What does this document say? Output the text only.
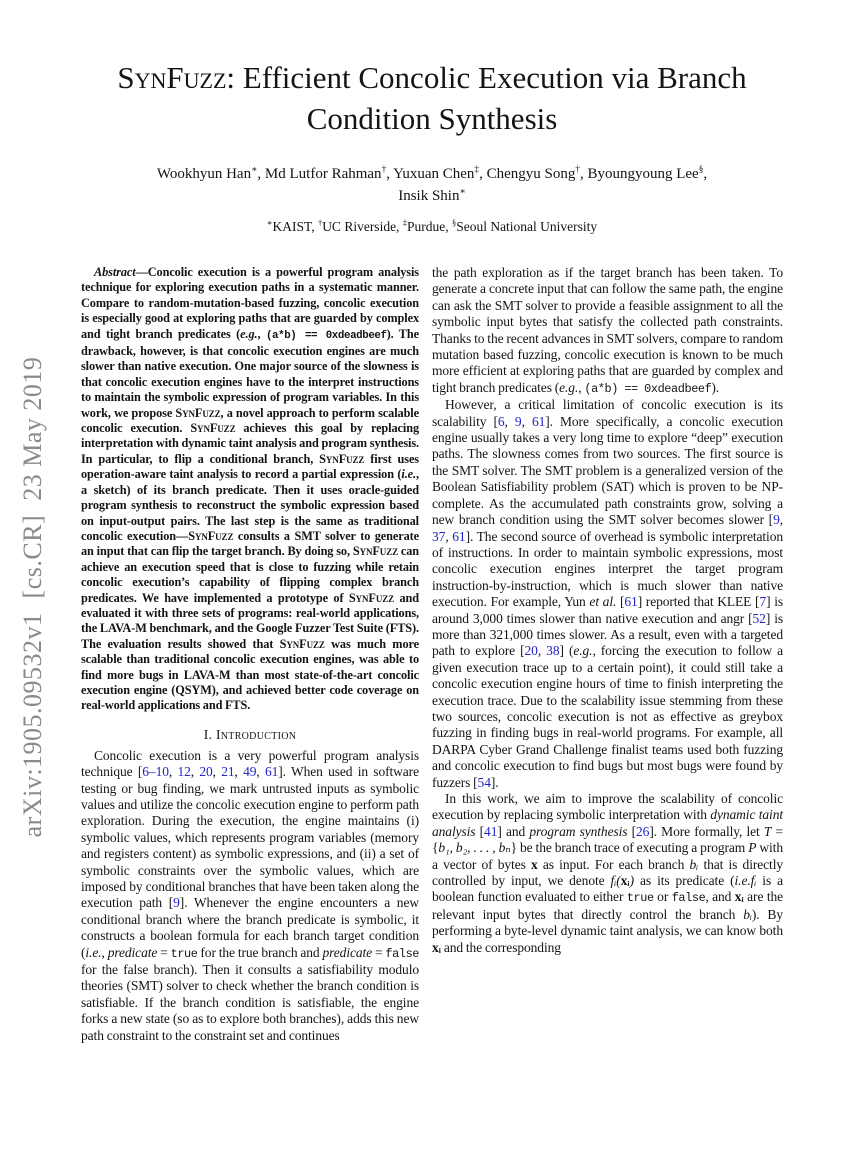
arXiv:1905.09532v1  [cs.CR]  23 May 2019
SynFuzz: Efficient Concolic Execution via Branch Condition Synthesis
Wookhyun Han∗, Md Lutfor Rahman†, Yuxuan Chen‡, Chengyu Song†, Byoungyoung Lee§,
Insik Shin∗
∗KAIST, †UC Riverside, ‡Purdue, §Seoul National University

Abstract—Concolic execution is a powerful program analysis technique for exploring execution paths in a systematic manner. Compare to random-mutation-based fuzzing, concolic execution is especially good at exploring paths that are guarded by complex and tight branch predicates (e.g., (a*b) == 0xdeadbeef). The drawback, however, is that concolic execution engines are much slower than native execution. One major source of the slowness is that concolic execution engines have to the interpret instructions to maintain the symbolic expression of program variables. In this work, we propose SynFuzz, a novel approach to perform scalable concolic execution. SynFuzz achieves this goal by replacing interpretation with dynamic taint analysis and program synthesis. In particular, to flip a conditional branch, SynFuzz first uses operation-aware taint analysis to record a partial expression (i.e., a sketch) of its branch predicate. Then it uses oracle-guided program synthesis to reconstruct the symbolic expression based on input-output pairs. The last step is the same as traditional concolic execution—SynFuzz consults a SMT solver to generate an input that can flip the target branch. By doing so, SynFuzz can achieve an execution speed that is close to fuzzing while retain concolic execution’s capability of flipping complex branch predicates. We have implemented a prototype of SynFuzz and evaluated it with three sets of programs: real-world applications, the LAVA-M benchmark, and the Google Fuzzer Test Suite (FTS). The evaluation results showed that SynFuzz was much more scalable than traditional concolic execution engines, was able to find more bugs in LAVA-M than most state-of-the-art concolic execution engine (QSYM), and achieved better code coverage on real-world applications and FTS.

I. Introduction

Concolic execution is a very powerful program analysis technique [6–10, 12, 20, 21, 49, 61]. When used in software testing or bug finding, we mark untrusted inputs as symbolic values and utilize the concolic execution engine to perform path exploration. During the execution, the engine maintains (i) symbolic values, which represents program variables (memory and registers content) as symbolic expressions, and (ii) a set of symbolic constraints over the symbolic values, which are imposed by conditional branches that have been taken along the execution path [9]. Whenever the engine encounters a new conditional branch where the branch predicate is symbolic, it constructs a boolean formula for each branch target condition (i.e., predicate = true for the true branch and predicate = false for the false branch). Then it consults a satisfiability modulo theories (SMT) solver to check whether the branch condition is satisfiable. If the branch condition is satisfiable, the engine forks a new state (so as to explore both branches), adds this new path constraint to the constraint set and continues

the path exploration as if the target branch has been taken. To generate a concrete input that can follow the same path, the engine can ask the SMT solver to provide a feasible assignment to all the symbolic input bytes that satisfy the collected path constraints. Thanks to the recent advances in SMT solvers, compare to random mutation based fuzzing, concolic execution is known to be much more efficient at exploring paths that are guarded by complex and tight branch predicates (e.g., (a*b) == 0xdeadbeef).

However, a critical limitation of concolic execution is its scalability [6, 9, 61]. More specifically, a concolic execution engine usually takes a very long time to explore “deep” execution paths. The slowness comes from two sources. The first source is the SMT solver. The SMT problem is a generalized version of the Boolean Satisfiability problem (SAT) which is proven to be NP-complete. As the accumulated path constraints grow, solving a new branch condition using the SMT solver becomes slower [9, 37, 61]. The second source of overhead is symbolic interpretation of instructions. In order to maintain symbolic expressions, most concolic execution engines interpret the target program instruction-by-instruction, which is much slower than native execution. For example, Yun et al. [61] reported that KLEE [7] is around 3,000 times slower than native execution and angr [52] is more than 321,000 times slower. As a result, even with a targeted path to explore [20, 38] (e.g., forcing the execution to follow a given execution trace up to a certain point), it could still take a concolic execution engine hours of time to finish interpreting the execution trace. Due to the scalability issue stemming from these two sources, concolic execution is not as effective as greybox fuzzing in finding bugs in real-world programs. For example, all DARPA Cyber Grand Challenge finalist teams used both fuzzing and concolic execution to find bugs but most bugs were found by fuzzers [54].

In this work, we aim to improve the scalability of concolic execution by replacing symbolic interpretation with dynamic taint analysis [41] and program synthesis [26]. More formally, let T = {b₁, b₂, . . . , bₙ} be the branch trace of executing a program P with a vector of bytes x as input. For each branch bᵢ that is directly controlled by input, we denote fᵢ(xᵢ) as its predicate (i.e.fᵢ is a boolean function evaluated to either true or false, and xᵢ are the relevant input bytes that directly control the branch bᵢ). By performing a byte-level dynamic taint analysis, we can know both xᵢ and the corresponding
